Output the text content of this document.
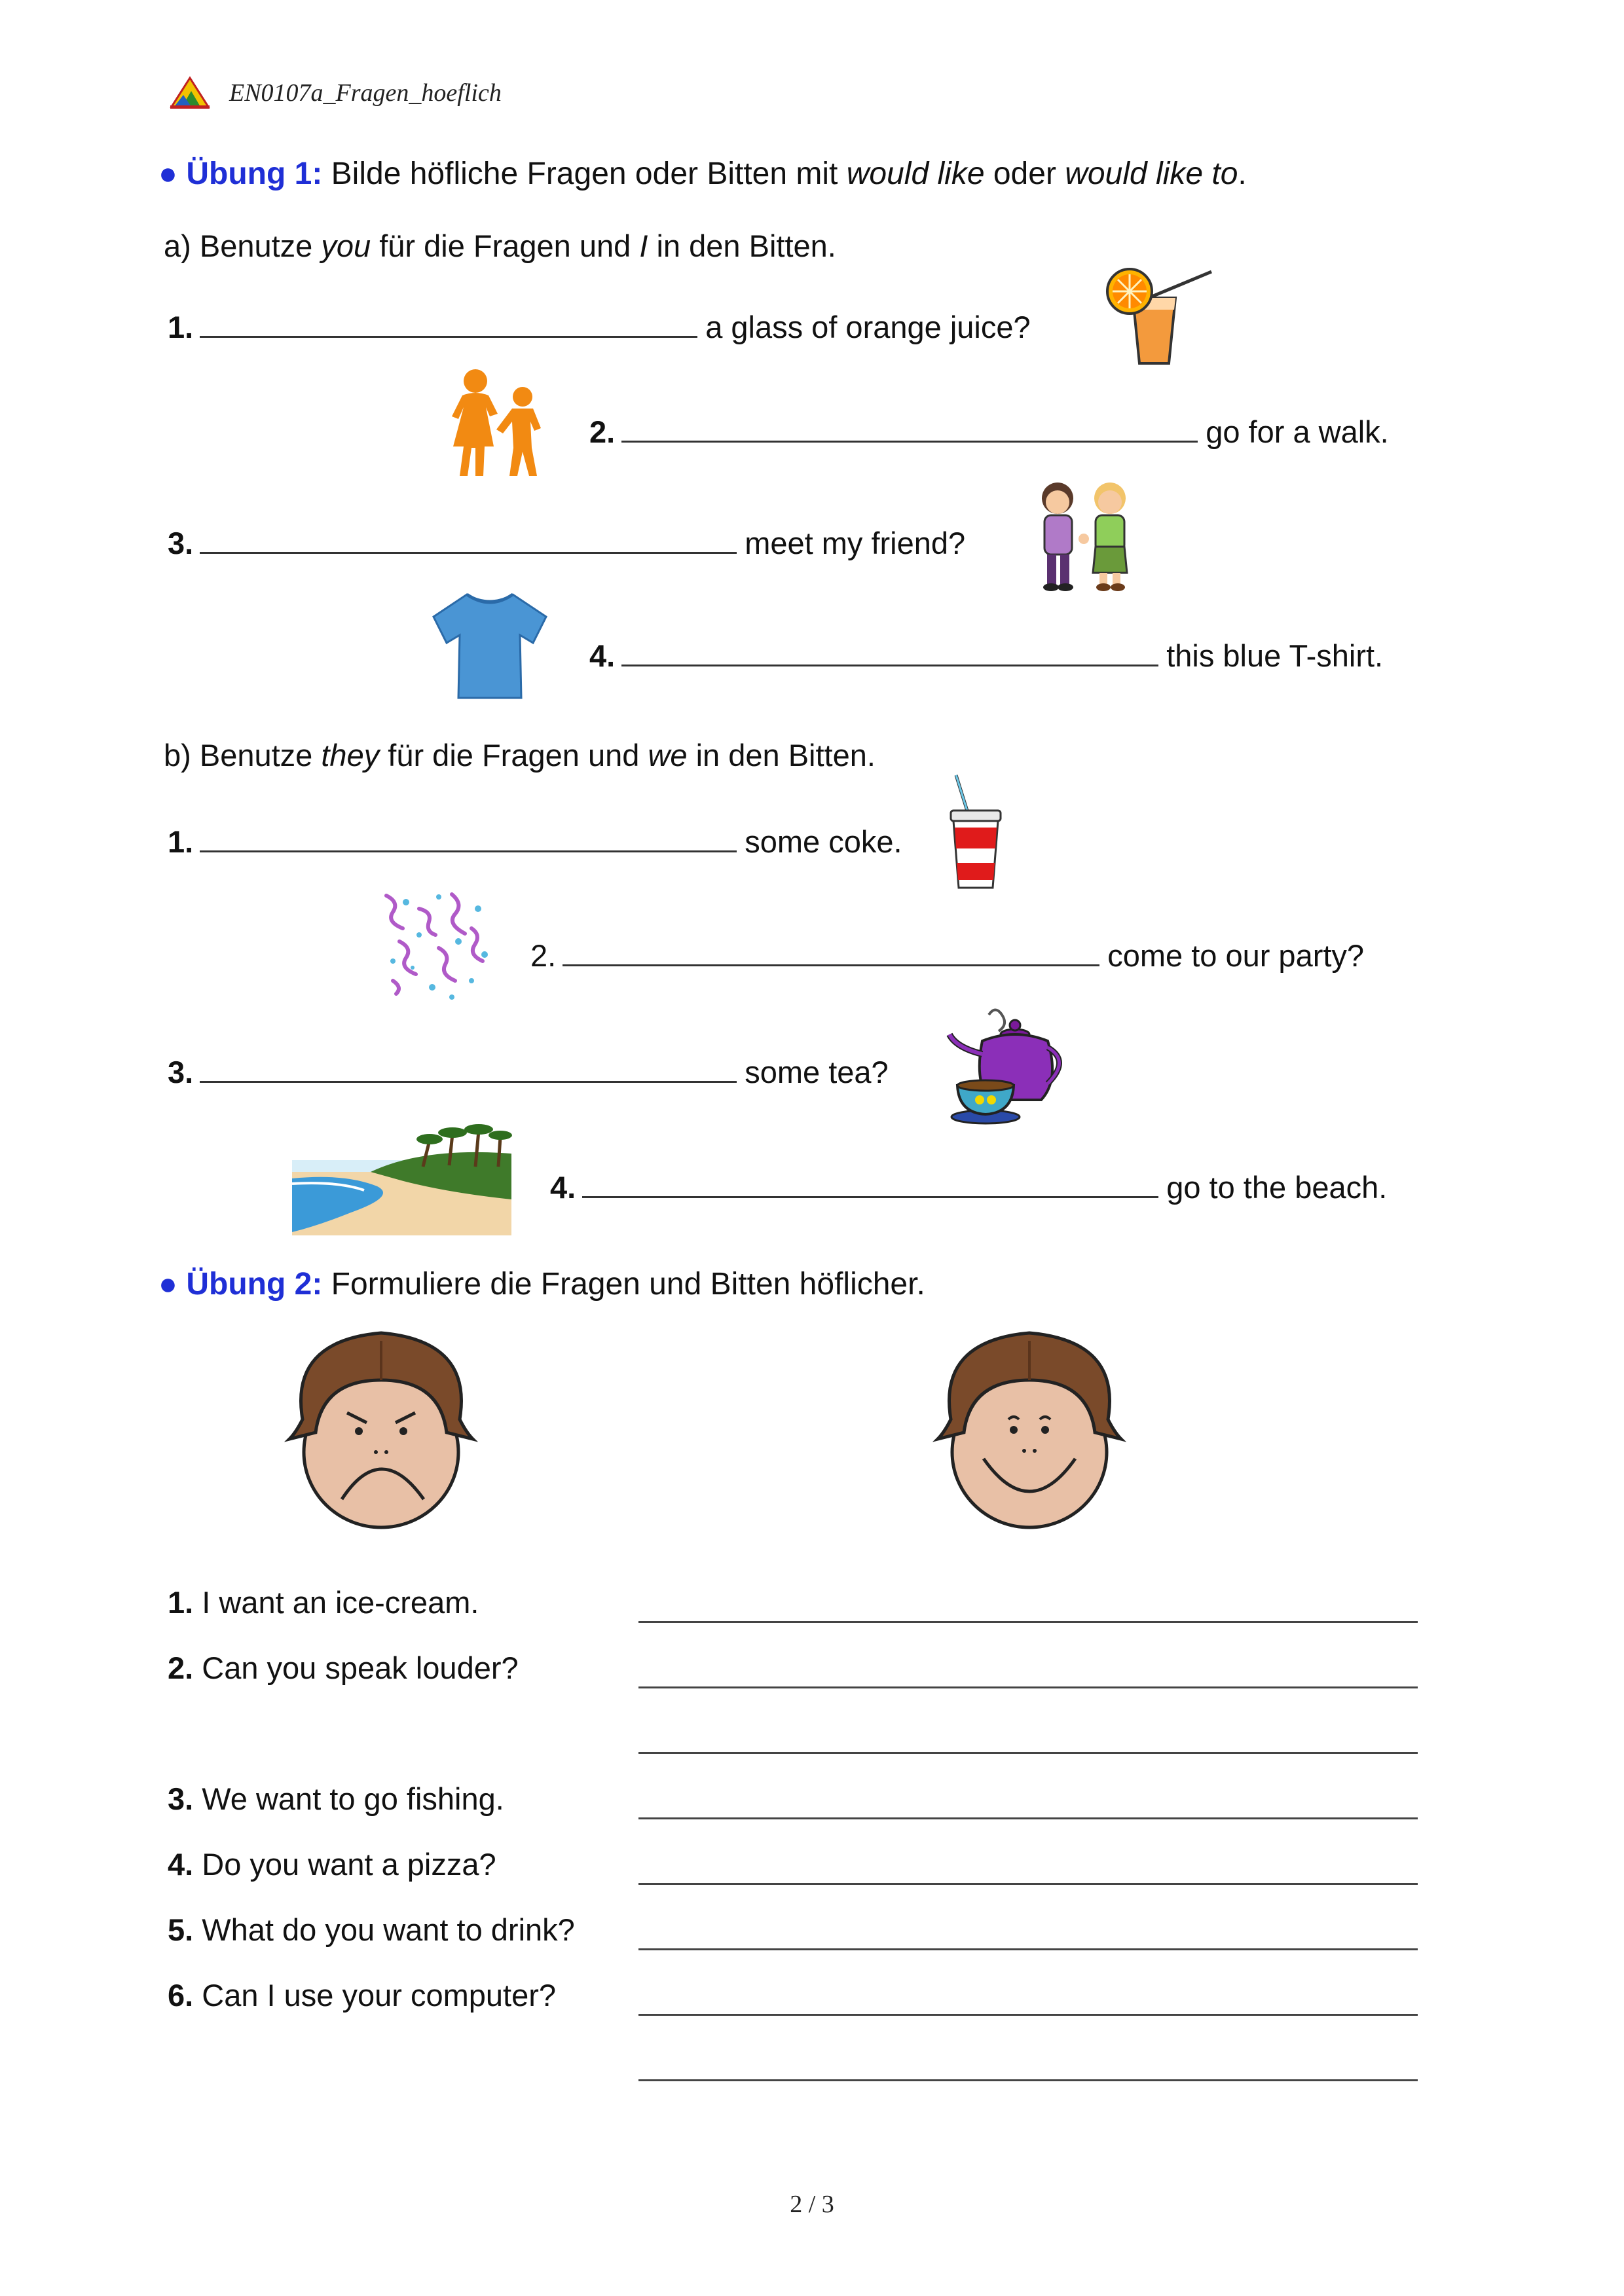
EN0107a_Fragen_hoeflich
● Übung 1: Bilde höfliche Fragen oder Bitten mit would like oder would like to.
a) Benutze you für die Fragen und I in den Bitten.
1.	a glass of orange juice?
2.	go for a walk.
3.	meet my friend?
4.	this blue T-shirt.
b) Benutze they für die Fragen und we in den Bitten.
1.	some coke.
2.	come to our party?
3.	some tea?
4.	go to the beach.
● Übung 2: Formuliere die Fragen und Bitten höflicher.
1. I want an ice-cream.
2. Can you speak louder?
3. We want to go fishing.
4. Do you want a pizza?
5. What do you want to drink?
6. Can I use your computer?
2 / 3
